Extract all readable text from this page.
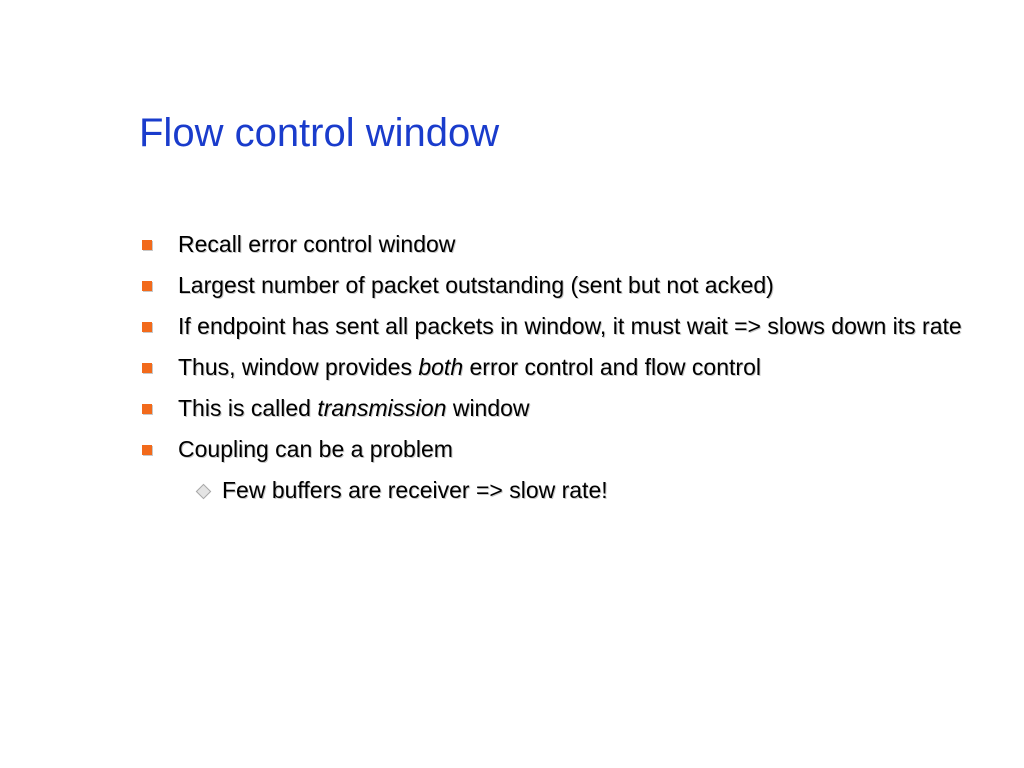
Flow control window
Recall error control window
Largest number of packet outstanding (sent but not acked)
If endpoint has sent all packets in window, it must wait => slows down its rate
Thus, window provides both error control and flow control
This is called transmission window
Coupling can be a problem
Few buffers are receiver => slow rate!
